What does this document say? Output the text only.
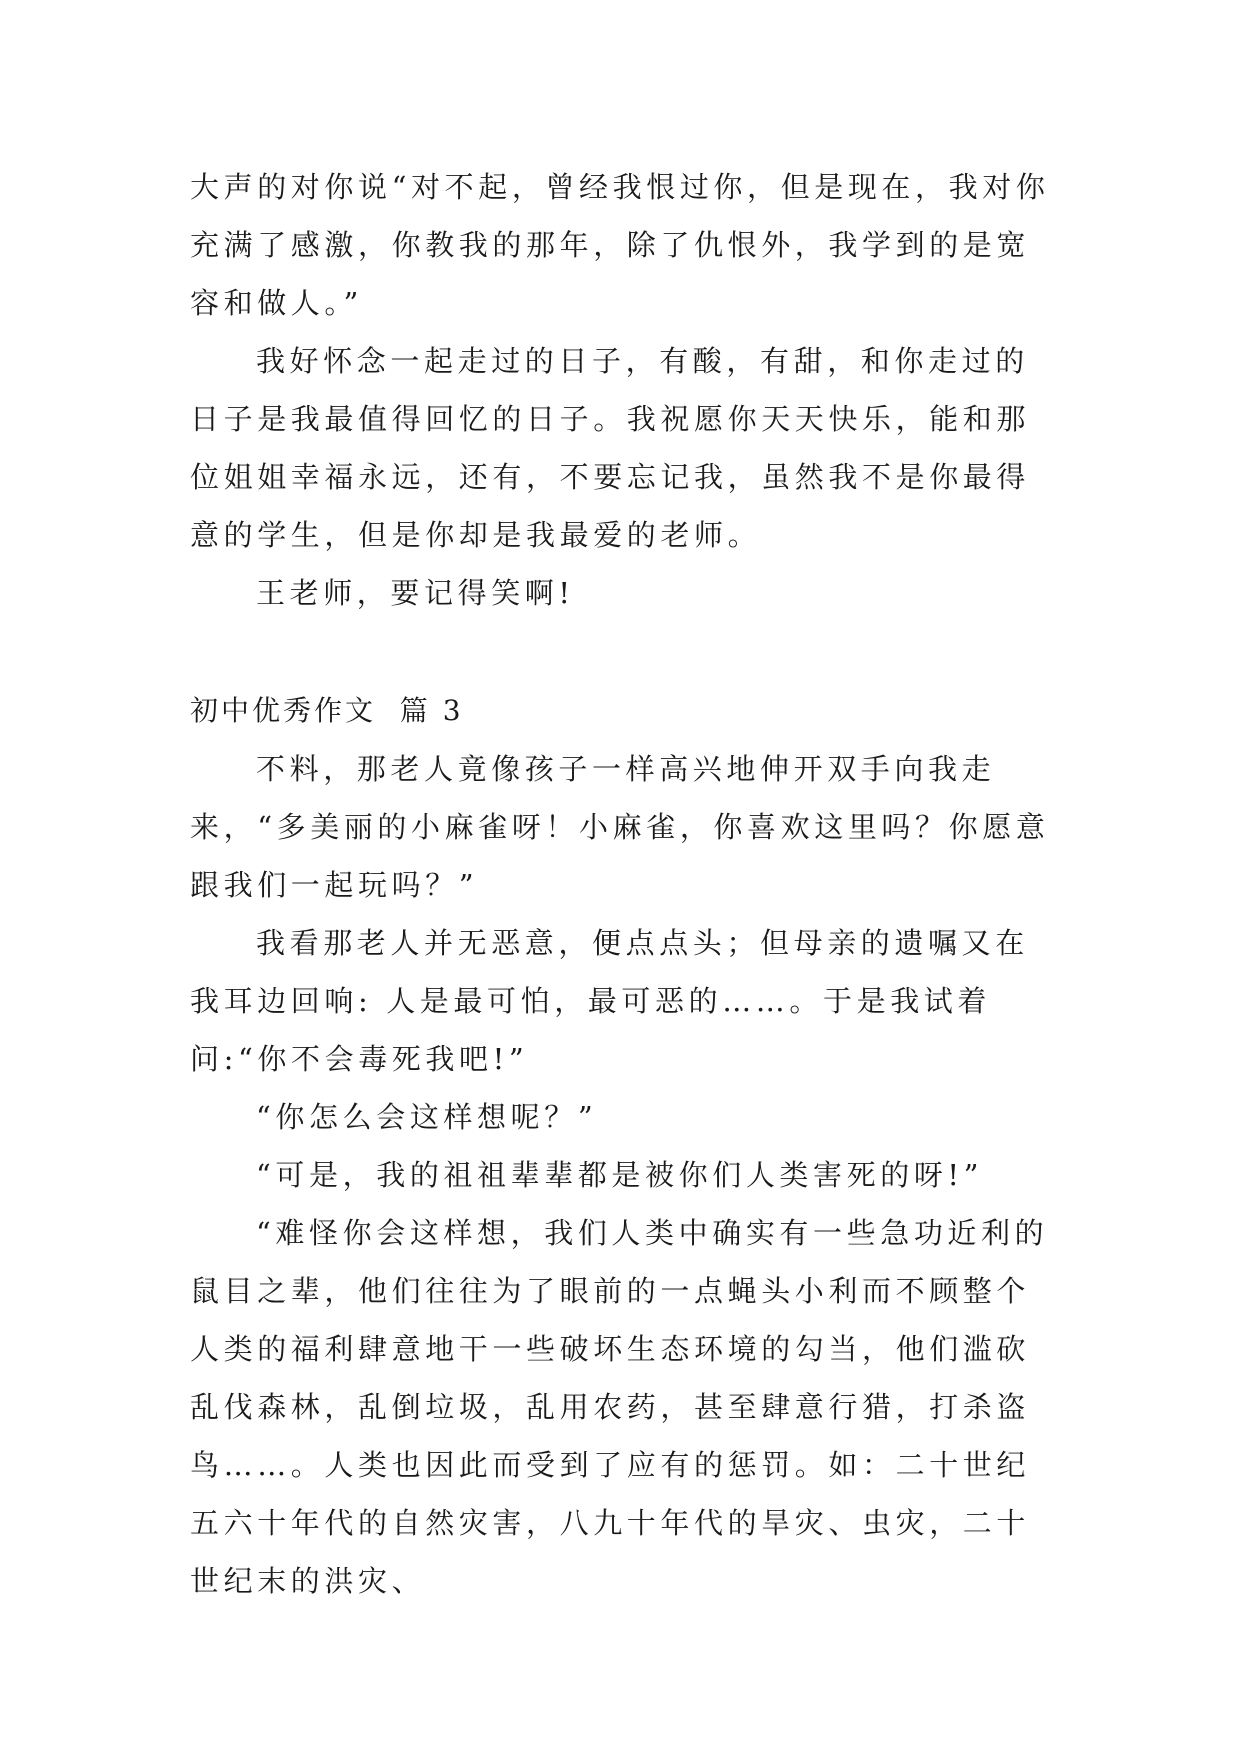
大声的对你说“对不起，曾经我恨过你，但是现在，我对你充满了感激，你教我的那年，除了仇恨外，我学到的是宽容和做人。”

我好怀念一起走过的日子，有酸，有甜，和你走过的日子是我最值得回忆的日子。我祝愿你天天快乐，能和那位姐姐幸福永远，还有，不要忘记我，虽然我不是你最得意的学生，但是你却是我最爱的老师。

王老师，要记得笑啊!

初中优秀作文  篇 3

不料，那老人竟像孩子一样高兴地伸开双手向我走来，“多美丽的小麻雀呀！小麻雀，你喜欢这里吗？你愿意跟我们一起玩吗？”

我看那老人并无恶意，便点点头；但母亲的遗嘱又在我耳边回响: 人是最可怕，最可恶的……。于是我试着问:“你不会毒死我吧!”

“你怎么会这样想呢？”

“可是，我的祖祖辈辈都是被你们人类害死的呀!”

“难怪你会这样想，我们人类中确实有一些急功近利的鼠目之辈，他们往往为了眼前的一点蝇头小利而不顾整个人类的福利肆意地干一些破坏生态环境的勾当，他们滥砍乱伐森林，乱倒垃圾，乱用农药，甚至肆意行猎，打杀盗鸟……。人类也因此而受到了应有的惩罚。如：二十世纪五六十年代的自然灾害，八九十年代的旱灾、虫灾，二十世纪末的洪灾、
